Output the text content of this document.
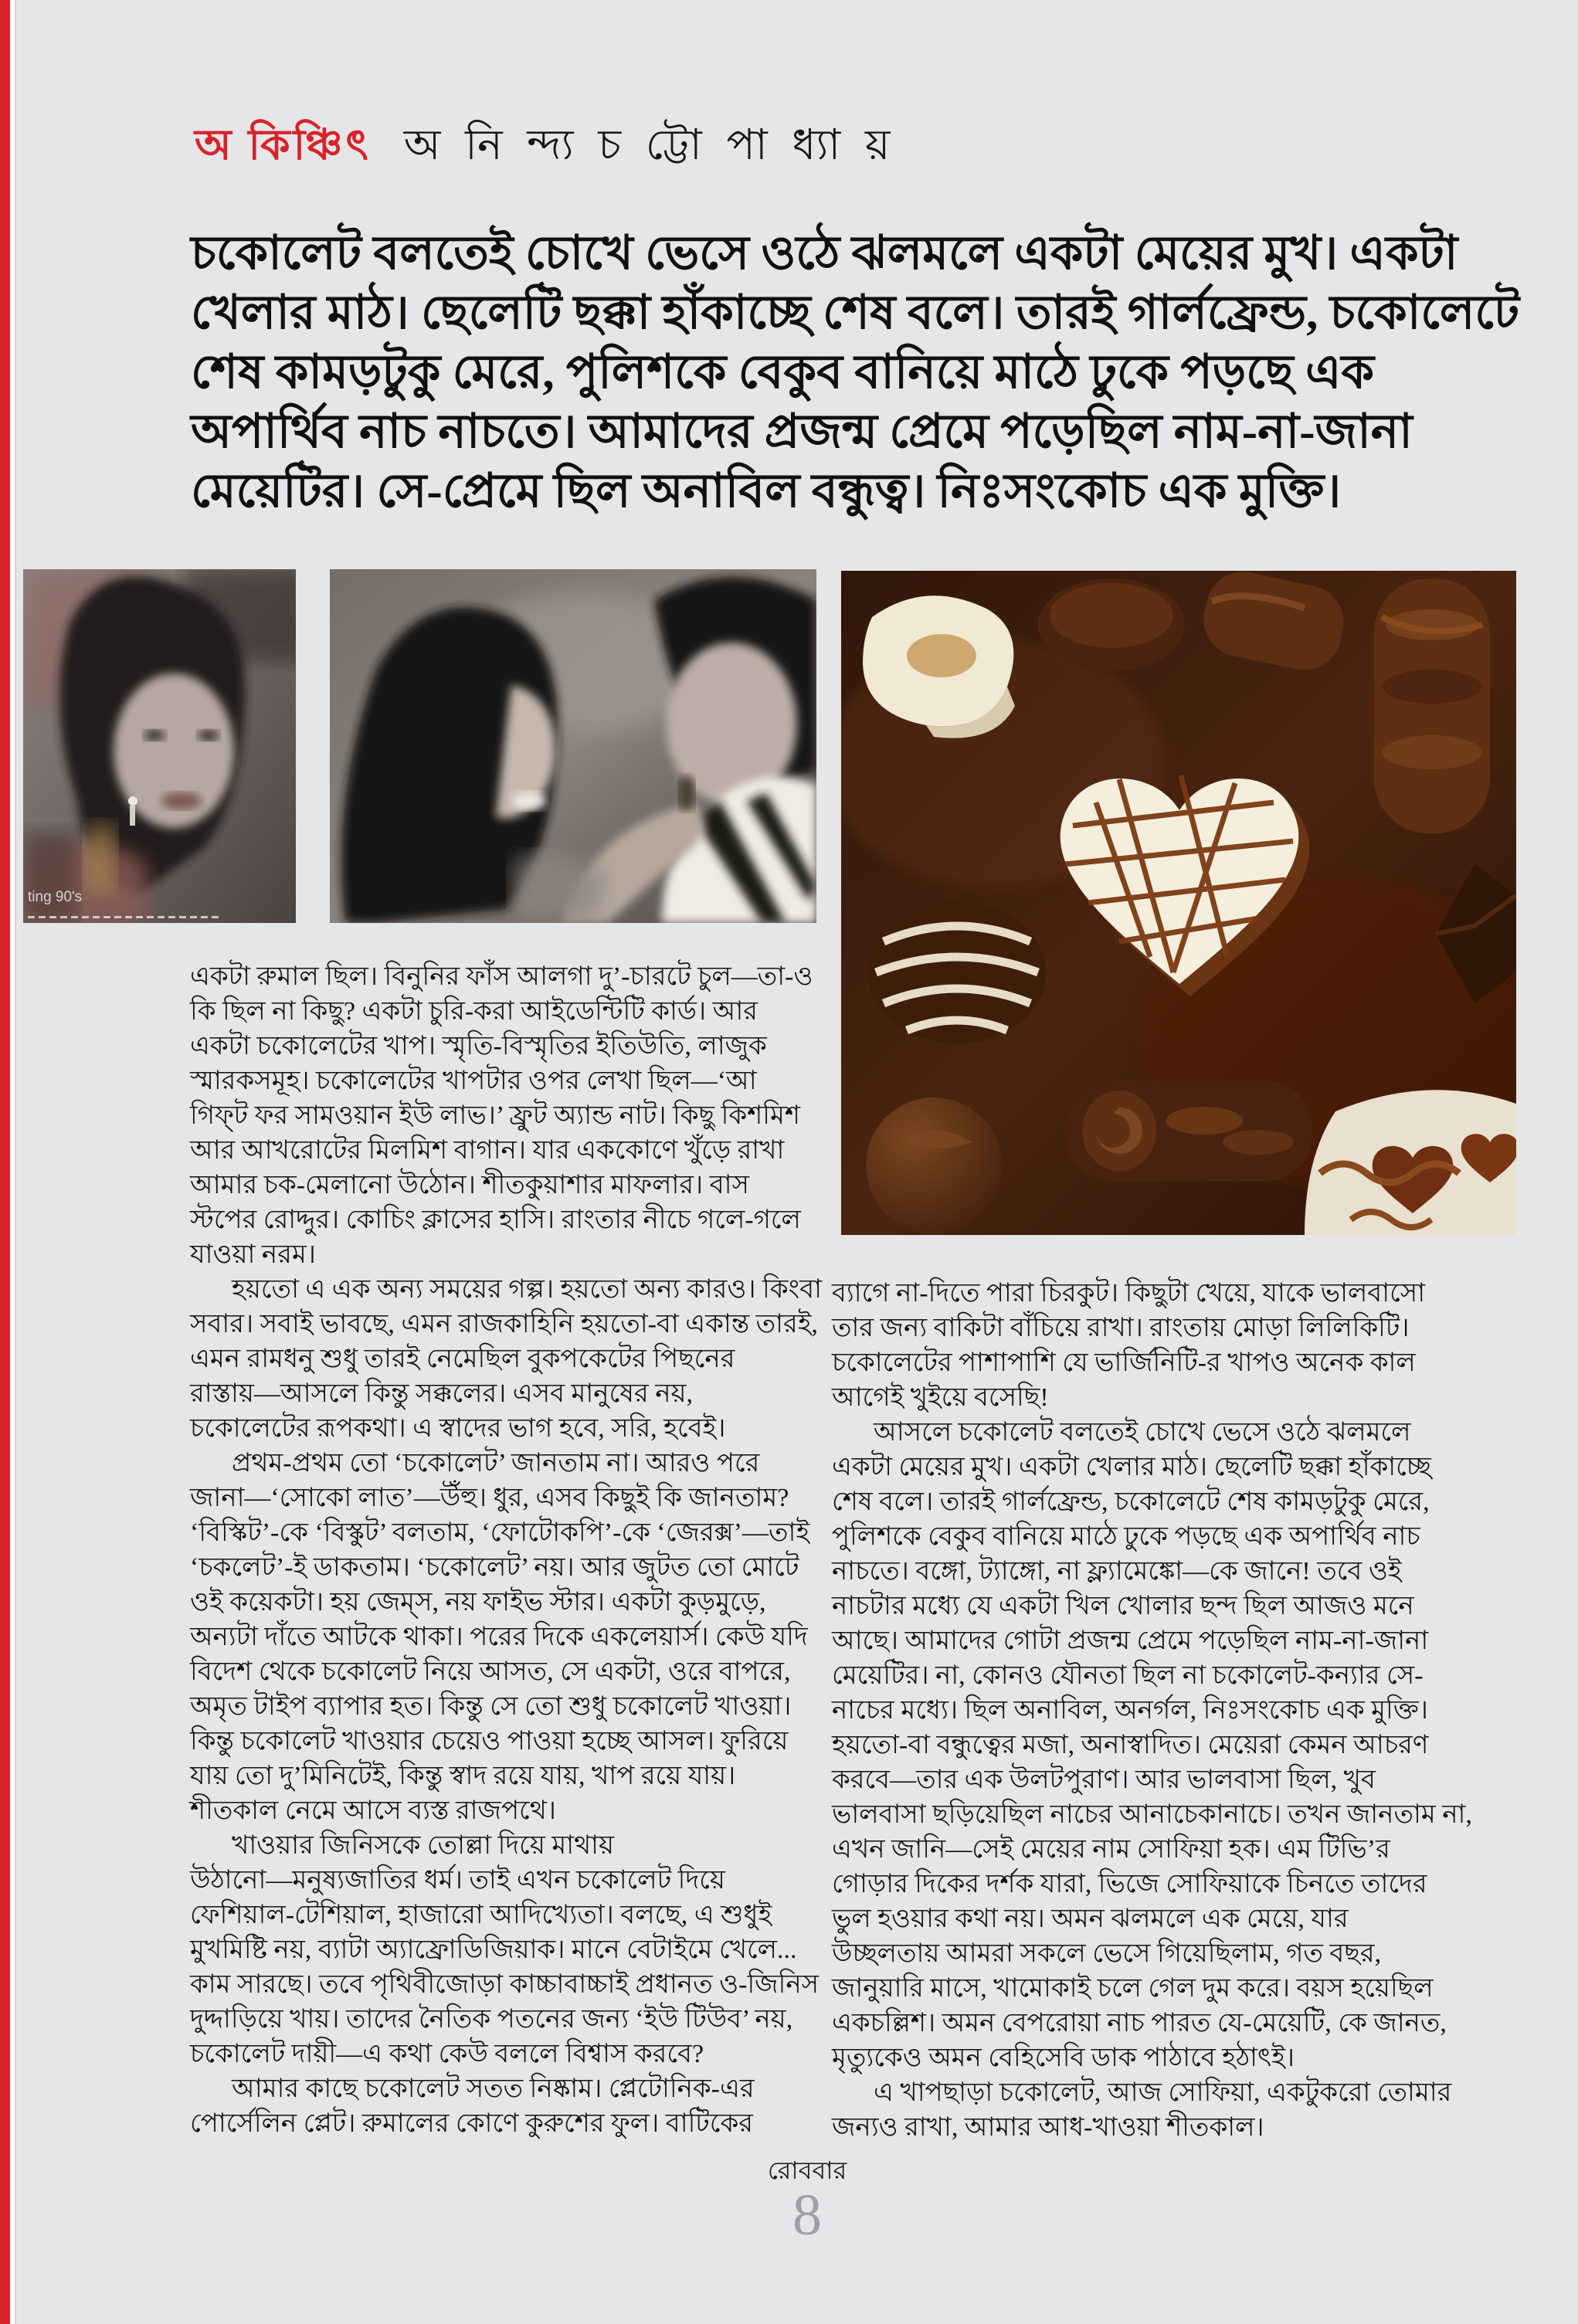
অ কিঞ্চিৎ অ নি ন্দ্য চ ট্টো পা ধ্যা য়
চকোলেট বলতেই চোখে ভেসে ওঠে ঝলমলে একটা মেয়ের মুখ। একটা
খেলার মাঠ। ছেলেটি ছক্কা হাঁকাচ্ছে শেষ বলে। তারই গার্লফ্রেন্ড, চকোলেটে
শেষ কামড়টুকু মেরে, পুলিশকে বেকুব বানিয়ে মাঠে ঢুকে পড়ছে এক
অপার্থিব নাচ নাচতে। আমাদের প্রজন্ম প্রেমে পড়েছিল নাম-না-জানা
মেয়েটির। সে-প্রেমে ছিল অনাবিল বন্ধুত্ব। নিঃসংকোচ এক মুক্তি।
ting 90's

একটা রুমাল ছিল। বিনুনির ফাঁস আলগা দু’-চারটে চুল—তা-ও
কি ছিল না কিছু? একটা চুরি-করা আইডেন্টিটি কার্ড। আর
একটা চকোলেটের খাপ। স্মৃতি-বিস্মৃতির ইতিউতি, লাজুক
স্মারকসমূহ। চকোলেটের খাপটার ওপর লেখা ছিল—‘আ
গিফ্‌ট ফর সামওয়ান ইউ লাভ।’ ফ্রুট অ্যান্ড নাট। কিছু কিশমিশ
আর আখরোটের মিলমিশ বাগান। যার এককোণে খুঁড়ে রাখা
আমার চক-মেলানো উঠোন। শীতকুয়াশার মাফলার। বাস
স্টপের রোদ্দুর। কোচিং ক্লাসের হাসি। রাংতার নীচে গলে-গলে
যাওয়া নরম।

হয়তো এ এক অন্য সময়ের গল্প। হয়তো অন্য কারও। কিংবা
সবার। সবাই ভাবছে, এমন রাজকাহিনি হয়তো-বা একান্ত তারই,
এমন রামধনু শুধু তারই নেমেছিল বুকপকেটের পিছনের
রাস্তায়—আসলে কিন্তু সক্কলের। এসব মানুষের নয়,
চকোলেটের রূপকথা। এ স্বাদের ভাগ হবে, সরি, হবেই।

প্রথম-প্রথম তো ‘চকোলেট’ জানতাম না। আরও পরে
জানা—‘সোকো লাত’—উঁহু। ধুর, এসব কিছুই কি জানতাম?
‘বিস্কিট’-কে ‘বিস্কুট’ বলতাম, ‘ফোটোকপি’-কে ‘জেরক্স’—তাই
‘চকলেট’-ই ডাকতাম। ‘চকোলেট’ নয়। আর জুটত তো মোটে
ওই কয়েকটা। হয় জেম্‌স, নয় ফাইভ স্টার। একটা কুড়মুড়ে,
অন্যটা দাঁতে আটকে থাকা। পরের দিকে একলেয়ার্স। কেউ যদি
বিদেশ থেকে চকোলেট নিয়ে আসত, সে একটা, ওরে বাপরে,
অমৃত টাইপ ব্যাপার হত। কিন্তু সে তো শুধু চকোলেট খাওয়া।
কিন্তু চকোলেট খাওয়ার চেয়েও পাওয়া হচ্ছে আসল। ফুরিয়ে
যায় তো দু’মিনিটেই, কিন্তু স্বাদ রয়ে যায়, খাপ রয়ে যায়।
শীতকাল নেমে আসে ব্যস্ত রাজপথে।

খাওয়ার জিনিসকে তোল্লা দিয়ে মাথায়
উঠানো—মনুষ্যজাতির ধর্ম। তাই এখন চকোলেট দিয়ে
ফেশিয়াল-টেশিয়াল, হাজারো আদিখ্যেতা। বলছে, এ শুধুই
মুখমিষ্টি নয়, ব্যাটা অ্যাফ্রোডিজিয়াক। মানে বেটাইমে খেলে...
কাম সারছে। তবে পৃথিবীজোড়া কাচ্চাবাচ্চাই প্রধানত ও-জিনিস
দুদ্দাড়িয়ে খায়। তাদের নৈতিক পতনের জন্য ‘ইউ টিউব’ নয়,
চকোলেট দায়ী—এ কথা কেউ বললে বিশ্বাস করবে?

আমার কাছে চকোলেট সতত নিষ্কাম। প্লেটোনিক-এর
পোর্সেলিন প্লেট। রুমালের কোণে কুরুশের ফুল। বাটিকের

ব্যাগে না-দিতে পারা চিরকুট। কিছুটা খেয়ে, যাকে ভালবাসো
তার জন্য বাকিটা বাঁচিয়ে রাখা। রাংতায় মোড়া লিলিকিটি।
চকোলেটের পাশাপাশি যে ভার্জিনিটি-র খাপও অনেক কাল
আগেই খুইয়ে বসেছি!

আসলে চকোলেট বলতেই চোখে ভেসে ওঠে ঝলমলে
একটা মেয়ের মুখ। একটা খেলার মাঠ। ছেলেটি ছক্কা হাঁকাচ্ছে
শেষ বলে। তারই গার্লফ্রেন্ড, চকোলেটে শেষ কামড়টুকু মেরে,
পুলিশকে বেকুব বানিয়ে মাঠে ঢুকে পড়ছে এক অপার্থিব নাচ
নাচতে। বঙ্গো, ট্যাঙ্গো, না ফ্ল্যামেঙ্কো—কে জানে! তবে ওই
নাচটার মধ্যে যে একটা খিল খোলার ছন্দ ছিল আজও মনে
আছে। আমাদের গোটা প্রজন্ম প্রেমে পড়েছিল নাম-না-জানা
মেয়েটির। না, কোনও যৌনতা ছিল না চকোলেট-কন্যার সে-
নাচের মধ্যে। ছিল অনাবিল, অনর্গল, নিঃসংকোচ এক মুক্তি।
হয়তো-বা বন্ধুত্বের মজা, অনাস্বাদিত। মেয়েরা কেমন আচরণ
করবে—তার এক উলটপুরাণ। আর ভালবাসা ছিল, খুব
ভালবাসা ছড়িয়েছিল নাচের আনাচেকানাচে। তখন জানতাম না,
এখন জানি—সেই মেয়ের নাম সোফিয়া হক। এম টিভি’র
গোড়ার দিকের দর্শক যারা, ভিজে সোফিয়াকে চিনতে তাদের
ভুল হওয়ার কথা নয়। অমন ঝলমলে এক মেয়ে, যার
উচ্ছলতায় আমরা সকলে ভেসে গিয়েছিলাম, গত বছর,
জানুয়ারি মাসে, খামোকাই চলে গেল দুম করে। বয়স হয়েছিল
একচল্লিশ। অমন বেপরোয়া নাচ পারত যে-মেয়েটি, কে জানত,
মৃত্যুকেও অমন বেহিসেবি ডাক পাঠাবে হঠাৎই।

এ খাপছাড়া চকোলেট, আজ সোফিয়া, একটুকরো তোমার
জন্যও রাখা, আমার আধ-খাওয়া শীতকাল।

রোববার
8
